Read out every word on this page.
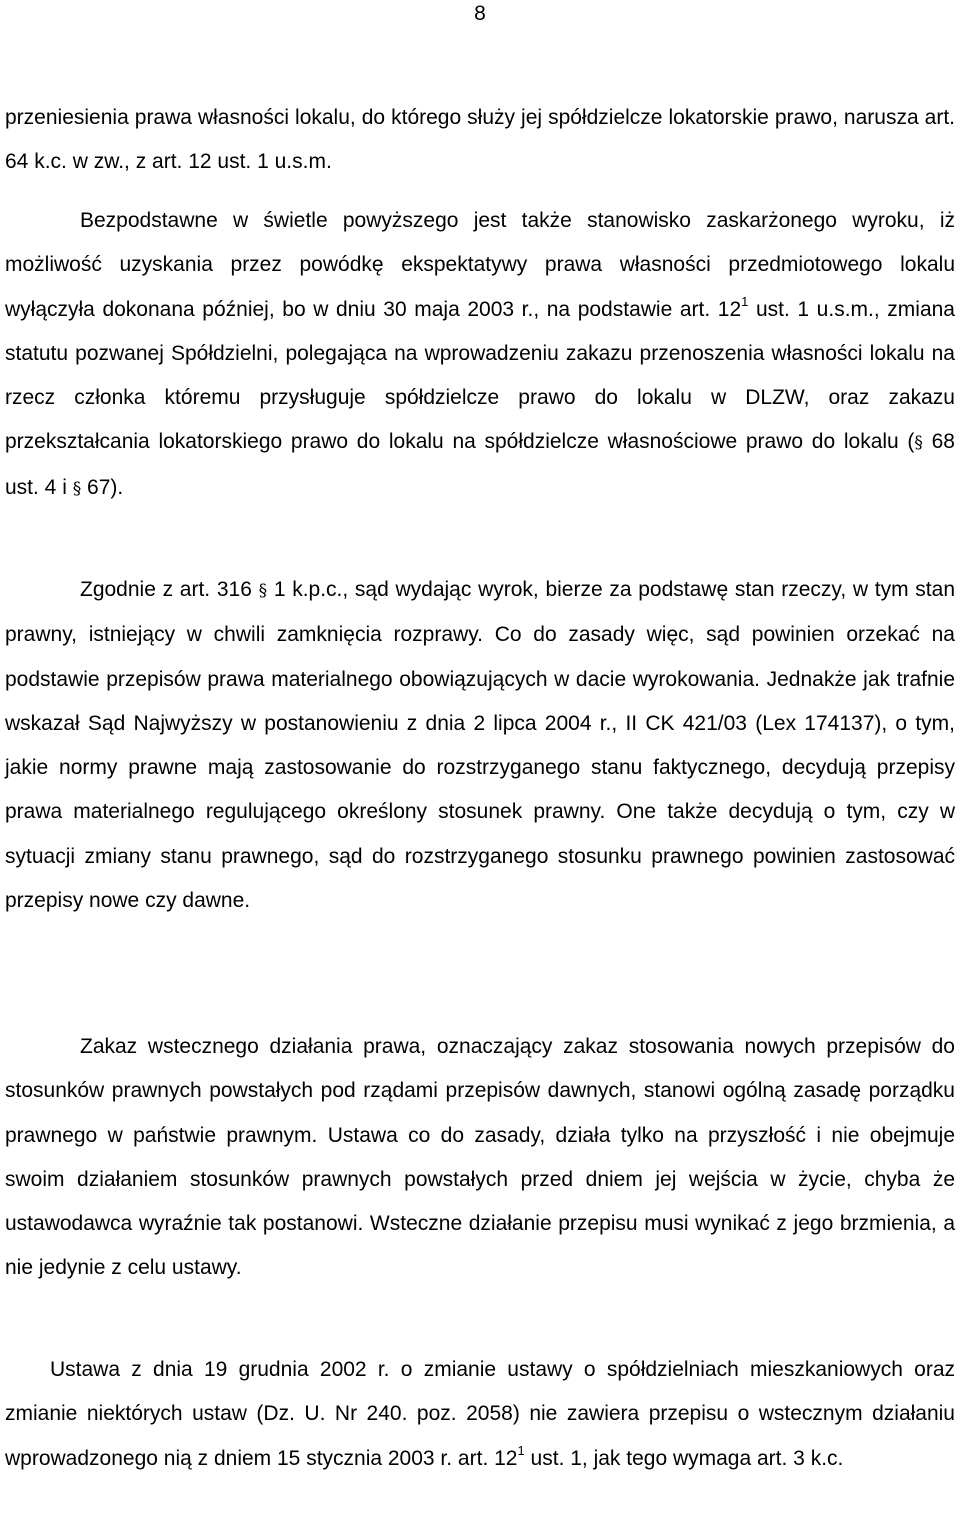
8

przeniesienia prawa własności lokalu, do którego służy jej spółdzielcze lokatorskie prawo, narusza art. 64 k.c. w zw., z art. 12 ust. 1 u.s.m.

Bezpodstawne w świetle powyższego jest także stanowisko zaskarżonego wyroku, iż możliwość uzyskania przez powódkę ekspektatywy prawa własności przedmiotowego lokalu wyłączyła dokonana później, bo w dniu 30 maja 2003 r., na podstawie art. $12^1$ ust. 1 u.s.m., zmiana statutu pozwanej Spółdzielni, polegająca na wprowadzeniu zakazu przenoszenia własności lokalu na rzecz członka któremu przysługuje spółdzielcze prawo do lokalu w DLZW, oraz zakazu przekształcania lokatorskiego prawo do lokalu na spółdzielcze własnościowe prawo do lokalu (§ 68 ust. 4 i § 67).

Zgodnie z art. 316 § 1 k.p.c., sąd wydając wyrok, bierze za podstawę stan rzeczy, w tym stan prawny, istniejący w chwili zamknięcia rozprawy. Co do zasady więc, sąd powinien orzekać na podstawie przepisów prawa materialnego obowiązujących w dacie wyrokowania. Jednakże jak trafnie wskazał Sąd Najwyższy w postanowieniu z dnia 2 lipca 2004 r., II CK 421/03 (Lex 174137), o tym, jakie normy prawne mają zastosowanie do rozstrzyganego stanu faktycznego, decydują przepisy prawa materialnego regulującego określony stosunek prawny. One także decydują o tym, czy w sytuacji zmiany stanu prawnego, sąd do rozstrzyganego stosunku prawnego powinien zastosować przepisy nowe czy dawne.

Zakaz wstecznego działania prawa, oznaczający zakaz stosowania nowych przepisów do stosunków prawnych powstałych pod rządami przepisów dawnych, stanowi ogólną zasadę porządku prawnego w państwie prawnym. Ustawa co do zasady, działa tylko na przyszłość i nie obejmuje swoim działaniem stosunków prawnych powstałych przed dniem jej wejścia w życie, chyba że ustawodawca wyraźnie tak postanowi. Wsteczne działanie przepisu musi wynikać z jego brzmienia, a nie jedynie z celu ustawy.

Ustawa z dnia 19 grudnia 2002 r. o zmianie ustawy o spółdzielniach mieszkaniowych oraz zmianie niektórych ustaw (Dz. U. Nr 240. poz. 2058) nie zawiera przepisu o wstecznym działaniu wprowadzonego nią z dniem 15 stycznia 2003 r. art. $12^1$ ust. 1, jak tego wymaga art. 3 k.c.
